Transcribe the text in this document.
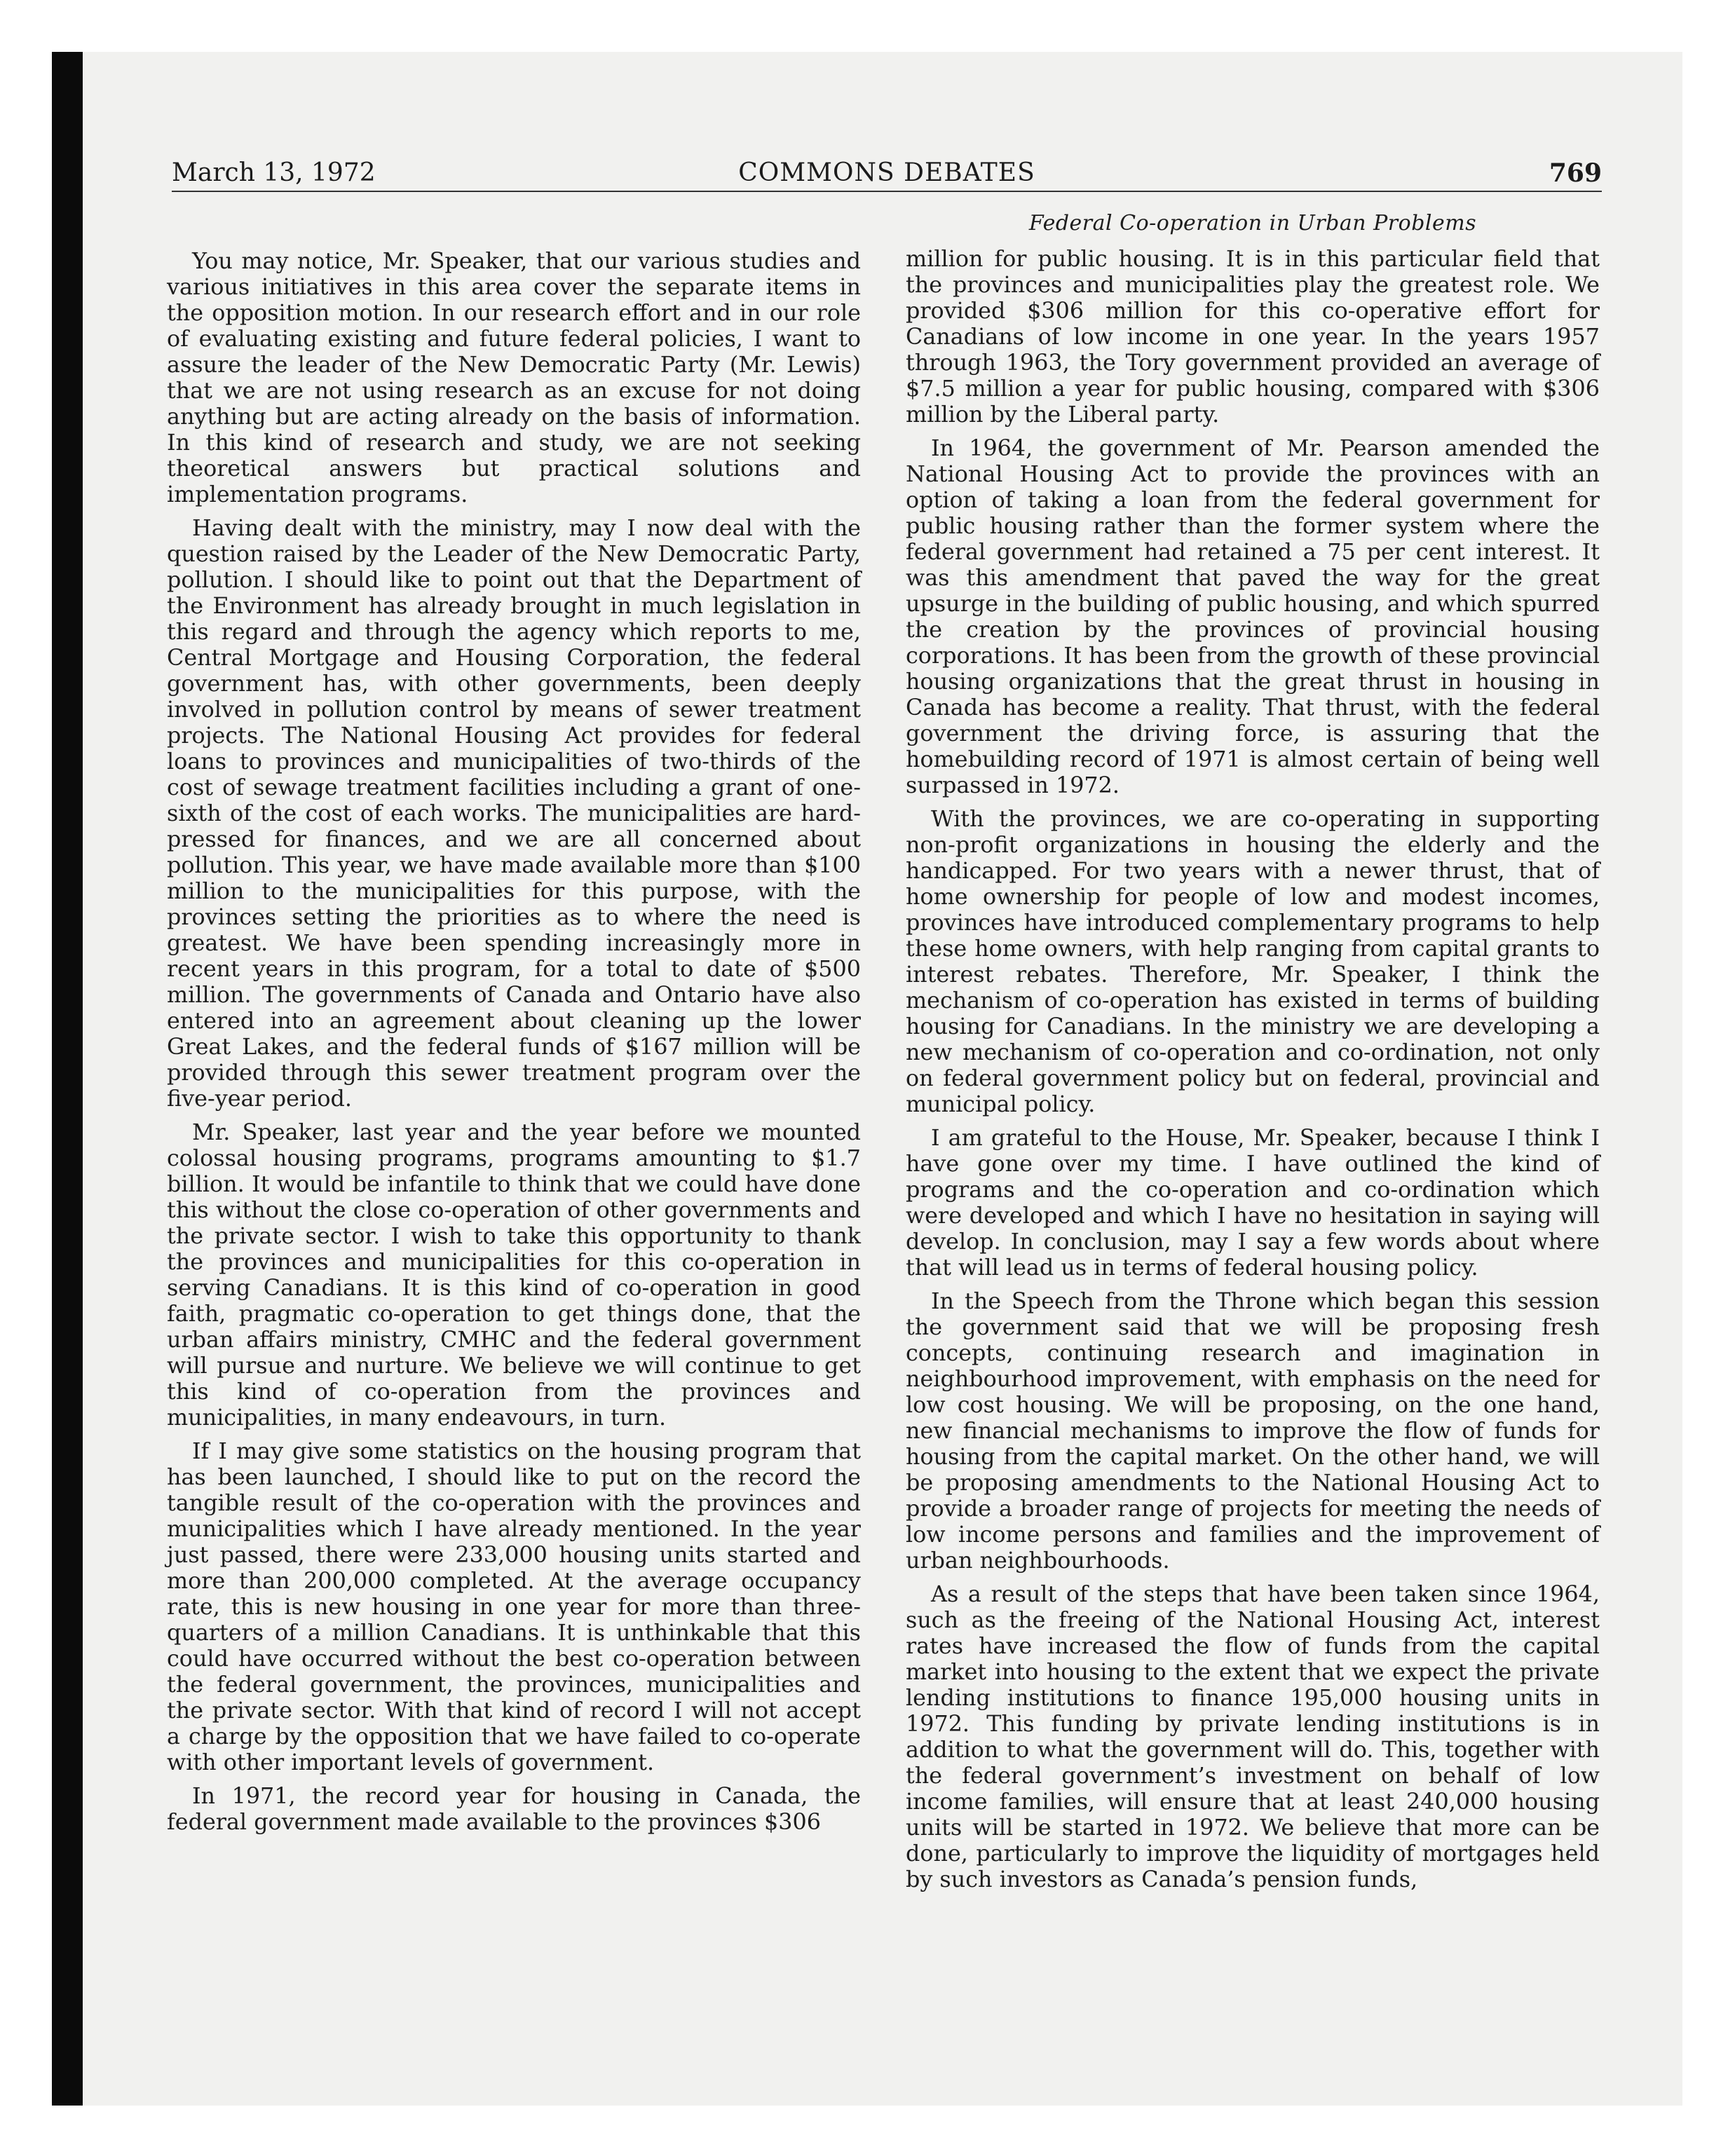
March 13, 1972	COMMONS DEBATES	769

You may notice, Mr. Speaker, that our various studies and various initiatives in this area cover the separate items in the opposition motion. In our research effort and in our role of evaluating existing and future federal policies, I want to assure the leader of the New Democratic Party (Mr. Lewis) that we are not using research as an excuse for not doing anything but are acting already on the basis of information. In this kind of research and study, we are not seeking theoretical answers but practical solutions and implementation programs.

Having dealt with the ministry, may I now deal with the question raised by the Leader of the New Democratic Party, pollution. I should like to point out that the Department of the Environment has already brought in much legislation in this regard and through the agency which reports to me, Central Mortgage and Housing Corporation, the federal government has, with other governments, been deeply involved in pollution control by means of sewer treatment projects. The National Housing Act provides for federal loans to provinces and municipalities of two-thirds of the cost of sewage treatment facilities including a grant of one-sixth of the cost of each works. The municipalities are hard-pressed for finances, and we are all concerned about pollution. This year, we have made available more than $100 million to the municipalities for this purpose, with the provinces setting the priorities as to where the need is greatest. We have been spending increasingly more in recent years in this program, for a total to date of $500 million. The governments of Canada and Ontario have also entered into an agreement about cleaning up the lower Great Lakes, and the federal funds of $167 million will be provided through this sewer treatment program over the five-year period.

Mr. Speaker, last year and the year before we mounted colossal housing programs, programs amounting to $1.7 billion. It would be infantile to think that we could have done this without the close co-operation of other governments and the private sector. I wish to take this opportunity to thank the provinces and municipalities for this co-operation in serving Canadians. It is this kind of co-operation in good faith, pragmatic co-operation to get things done, that the urban affairs ministry, CMHC and the federal government will pursue and nurture. We believe we will continue to get this kind of co-operation from the provinces and municipalities, in many endeavours, in turn.

If I may give some statistics on the housing program that has been launched, I should like to put on the record the tangible result of the co-operation with the provinces and municipalities which I have already mentioned. In the year just passed, there were 233,000 housing units started and more than 200,000 completed. At the average occupancy rate, this is new housing in one year for more than three-quarters of a million Canadians. It is unthinkable that this could have occurred without the best co-operation between the federal government, the provinces, municipalities and the private sector. With that kind of record I will not accept a charge by the opposition that we have failed to co-operate with other important levels of government.

In 1971, the record year for housing in Canada, the federal government made available to the provinces $306

Federal Co-operation in Urban Problems

million for public housing. It is in this particular field that the provinces and municipalities play the greatest role. We provided $306 million for this co-operative effort for Canadians of low income in one year. In the years 1957 through 1963, the Tory government provided an average of $7.5 million a year for public housing, compared with $306 million by the Liberal party.

In 1964, the government of Mr. Pearson amended the National Housing Act to provide the provinces with an option of taking a loan from the federal government for public housing rather than the former system where the federal government had retained a 75 per cent interest. It was this amendment that paved the way for the great upsurge in the building of public housing, and which spurred the creation by the provinces of provincial housing corporations. It has been from the growth of these provincial housing organizations that the great thrust in housing in Canada has become a reality. That thrust, with the federal government the driving force, is assuring that the homebuilding record of 1971 is almost certain of being well surpassed in 1972.

With the provinces, we are co-operating in supporting non-profit organizations in housing the elderly and the handicapped. For two years with a newer thrust, that of home ownership for people of low and modest incomes, provinces have introduced complementary programs to help these home owners, with help ranging from capital grants to interest rebates. Therefore, Mr. Speaker, I think the mechanism of co-operation has existed in terms of building housing for Canadians. In the ministry we are developing a new mechanism of co-operation and co-ordination, not only on federal government policy but on federal, provincial and municipal policy.

I am grateful to the House, Mr. Speaker, because I think I have gone over my time. I have outlined the kind of programs and the co-operation and co-ordination which were developed and which I have no hesitation in saying will develop. In conclusion, may I say a few words about where that will lead us in terms of federal housing policy.

In the Speech from the Throne which began this session the government said that we will be proposing fresh concepts, continuing research and imagination in neighbourhood improvement, with emphasis on the need for low cost housing. We will be proposing, on the one hand, new financial mechanisms to improve the flow of funds for housing from the capital market. On the other hand, we will be proposing amendments to the National Housing Act to provide a broader range of projects for meeting the needs of low income persons and families and the improvement of urban neighbourhoods.

As a result of the steps that have been taken since 1964, such as the freeing of the National Housing Act, interest rates have increased the flow of funds from the capital market into housing to the extent that we expect the private lending institutions to finance 195,000 housing units in 1972. This funding by private lending institutions is in addition to what the government will do. This, together with the federal government’s investment on behalf of low income families, will ensure that at least 240,000 housing units will be started in 1972. We believe that more can be done, particularly to improve the liquidity of mortgages held by such investors as Canada’s pension funds,
